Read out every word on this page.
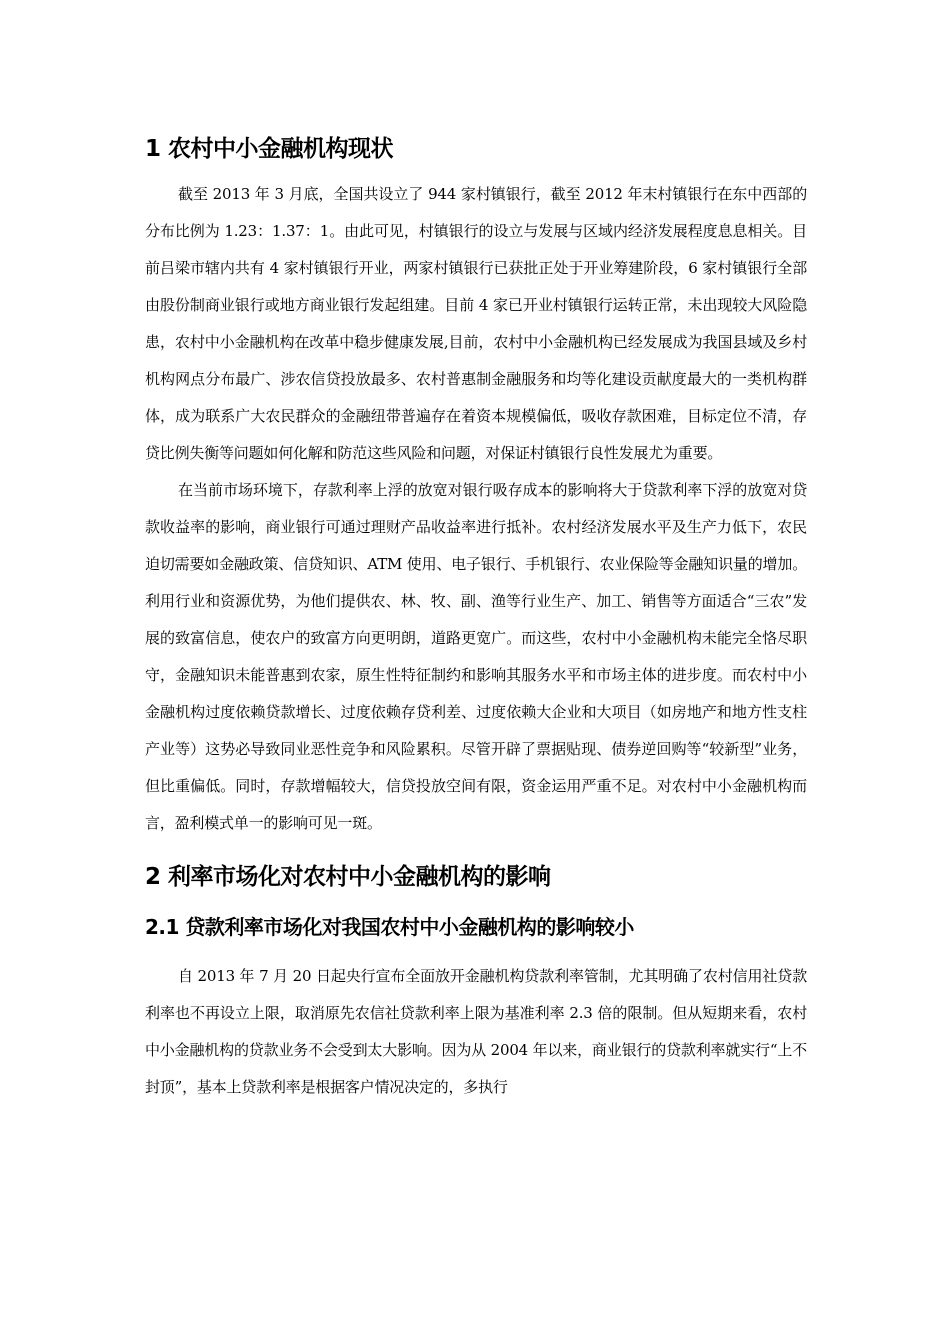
1 农村中小金融机构现状

截至 2013 年 3 月底，全国共设立了 944 家村镇银行，截至 2012 年末村镇银行在东中西部的分布比例为 1.23：1.37：1。由此可见，村镇银行的设立与发展与区域内经济发展程度息息相关。目前吕梁市辖内共有 4 家村镇银行开业，两家村镇银行已获批正处于开业筹建阶段，6 家村镇银行全部由股份制商业银行或地方商业银行发起组建。目前 4 家已开业村镇银行运转正常，未出现较大风险隐患，农村中小金融机构在改革中稳步健康发展,目前，农村中小金融机构已经发展成为我国县域及乡村机构网点分布最广、涉农信贷投放最多、农村普惠制金融服务和均等化建设贡献度最大的一类机构群体，成为联系广大农民群众的金融纽带普遍存在着资本规模偏低，吸收存款困难，目标定位不清，存贷比例失衡等问题如何化解和防范这些风险和问题，对保证村镇银行良性发展尤为重要。

在当前市场环境下，存款利率上浮的放宽对银行吸存成本的影响将大于贷款利率下浮的放宽对贷款收益率的影响，商业银行可通过理财产品收益率进行抵补。农村经济发展水平及生产力低下，农民迫切需要如金融政策、信贷知识、ATM 使用、电子银行、手机银行、农业保险等金融知识量的增加。利用行业和资源优势，为他们提供农、林、牧、副、渔等行业生产、加工、销售等方面适合“三农”发展的致富信息，使农户的致富方向更明朗，道路更宽广。而这些，农村中小金融机构未能完全恪尽职守，金融知识未能普惠到农家，原生性特征制约和影响其服务水平和市场主体的进步度。而农村中小金融机构过度依赖贷款增长、过度依赖存贷利差、过度依赖大企业和大项目（如房地产和地方性支柱产业等）这势必导致同业恶性竞争和风险累积。尽管开辟了票据贴现、债券逆回购等“较新型”业务，但比重偏低。同时，存款增幅较大，信贷投放空间有限，资金运用严重不足。对农村中小金融机构而言，盈利模式单一的影响可见一斑。

2 利率市场化对农村中小金融机构的影响
2.1 贷款利率市场化对我国农村中小金融机构的影响较小

自 2013 年 7 月 20 日起央行宣布全面放开金融机构贷款利率管制，尤其明确了农村信用社贷款利率也不再设立上限，取消原先农信社贷款利率上限为基准利率 2.3 倍的限制。但从短期来看，农村中小金融机构的贷款业务不会受到太大影响。因为从 2004 年以来，商业银行的贷款利率就实行“上不封顶”，基本上贷款利率是根据客户情况决定的，多执行
